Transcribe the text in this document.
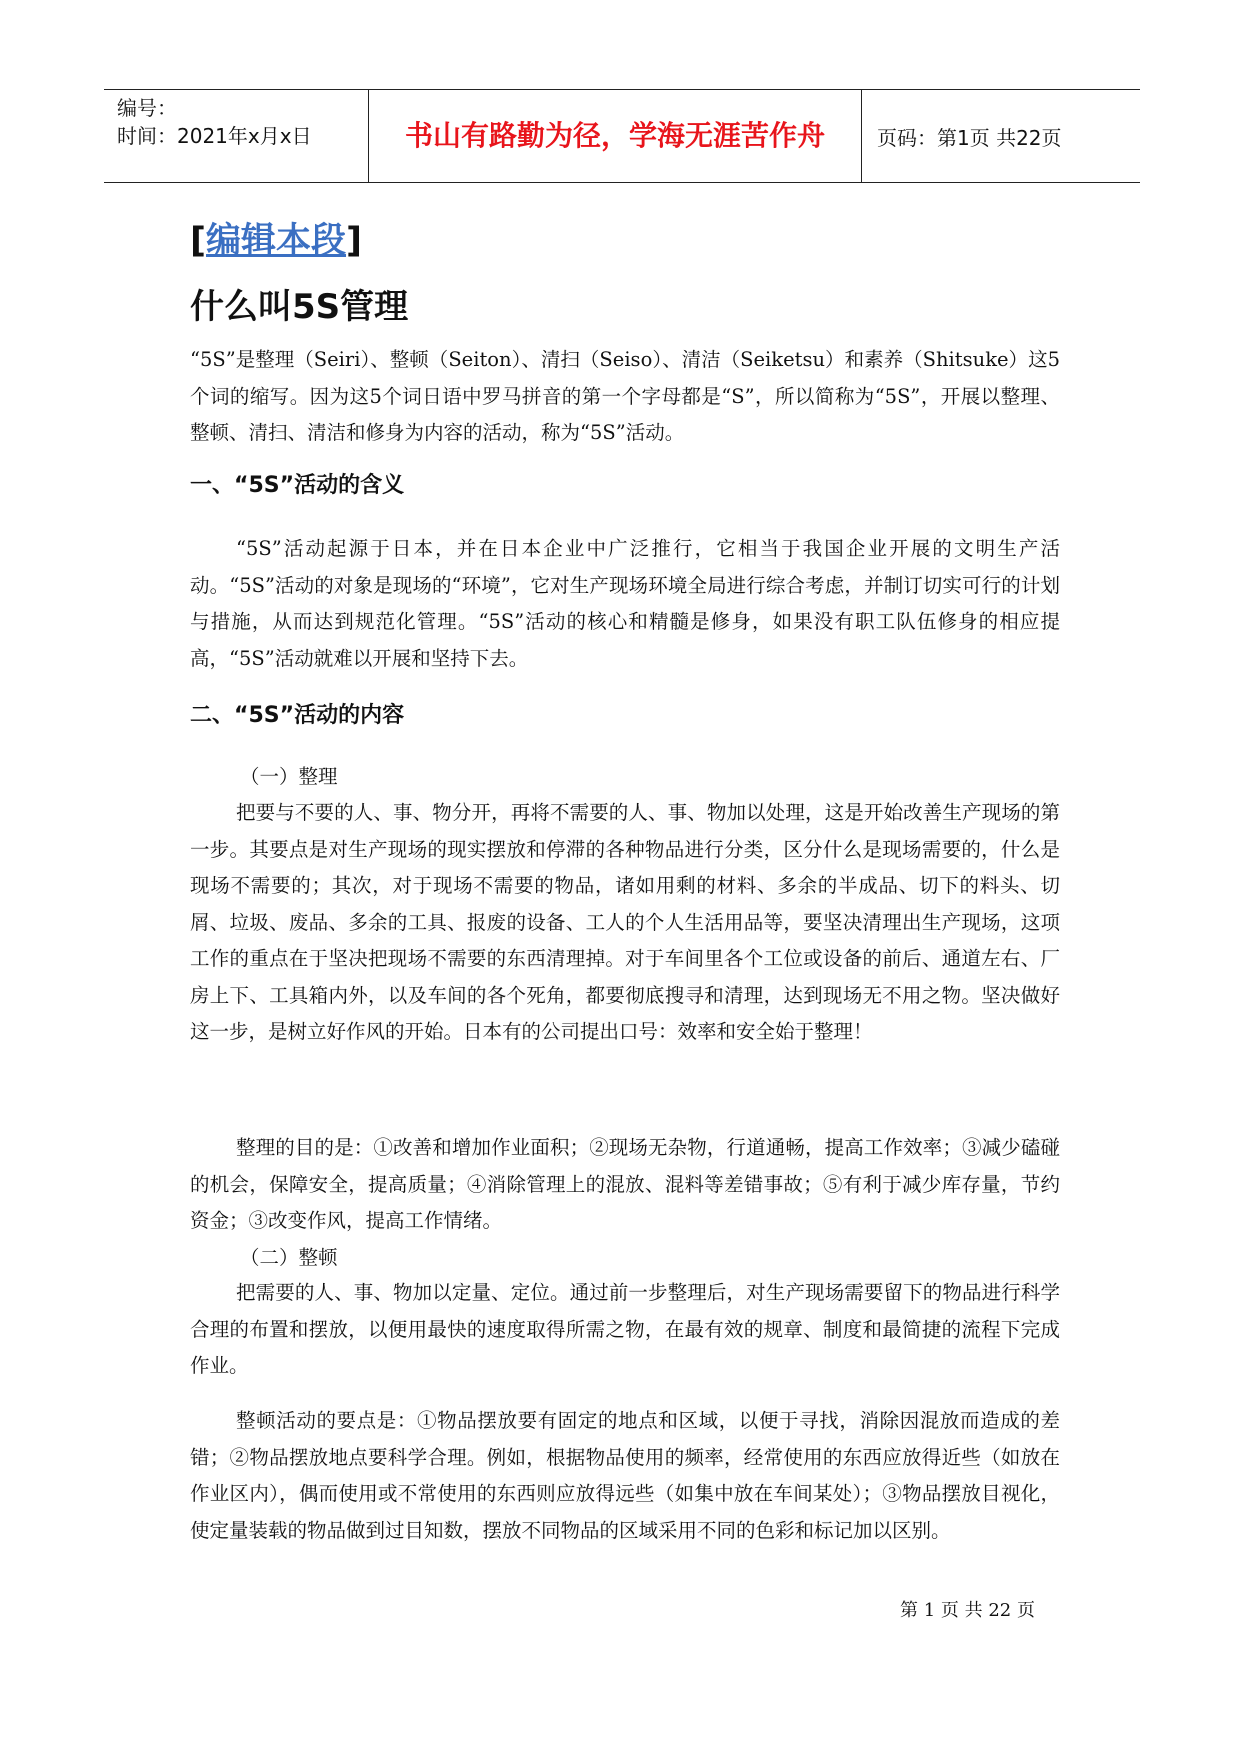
编号：
时间：2021年x月x日	书山有路勤为径，学海无涯苦作舟	页码：第1页 共22页
[编辑本段]
什么叫5S管理

“5S”是整理（Seiri）、整顿（Seiton）、清扫（Seiso）、清洁（Seiketsu）和素养（Shitsuke）这5个词的缩写。因为这5个词日语中罗马拼音的第一个字母都是“S”，所以简称为“5S”，开展以整理、整顿、清扫、清洁和修身为内容的活动，称为“5S”活动。

一、“5S”活动的含义

“5S”活动起源于日本，并在日本企业中广泛推行，它相当于我国企业开展的文明生产活动。“5S”活动的对象是现场的“环境”，它对生产现场环境全局进行综合考虑，并制订切实可行的计划与措施，从而达到规范化管理。“5S”活动的核心和精髓是修身，如果没有职工队伍修身的相应提高，“5S”活动就难以开展和坚持下去。

二、“5S”活动的内容
（一）整理

把要与不要的人、事、物分开，再将不需要的人、事、物加以处理，这是开始改善生产现场的第一步。其要点是对生产现场的现实摆放和停滞的各种物品进行分类，区分什么是现场需要的，什么是现场不需要的；其次，对于现场不需要的物品，诸如用剩的材料、多余的半成品、切下的料头、切屑、垃圾、废品、多余的工具、报废的设备、工人的个人生活用品等，要坚决清理出生产现场，这项工作的重点在于坚决把现场不需要的东西清理掉。对于车间里各个工位或设备的前后、通道左右、厂房上下、工具箱内外，以及车间的各个死角，都要彻底搜寻和清理，达到现场无不用之物。坚决做好这一步，是树立好作风的开始。日本有的公司提出口号：效率和安全始于整理！

整理的目的是：①改善和增加作业面积；②现场无杂物，行道通畅，提高工作效率；③减少磕碰的机会，保障安全，提高质量；④消除管理上的混放、混料等差错事故；⑤有利于减少库存量，节约资金；③改变作风，提高工作情绪。

（二）整顿

把需要的人、事、物加以定量、定位。通过前一步整理后，对生产现场需要留下的物品进行科学合理的布置和摆放，以便用最快的速度取得所需之物，在最有效的规章、制度和最简捷的流程下完成作业。

整顿活动的要点是：①物品摆放要有固定的地点和区域，以便于寻找，消除因混放而造成的差错；②物品摆放地点要科学合理。例如，根据物品使用的频率，经常使用的东西应放得近些（如放在作业区内），偶而使用或不常使用的东西则应放得远些（如集中放在车间某处）；③物品摆放目视化，使定量装载的物品做到过目知数，摆放不同物品的区域采用不同的色彩和标记加以区别。

第 1 页 共 22 页
